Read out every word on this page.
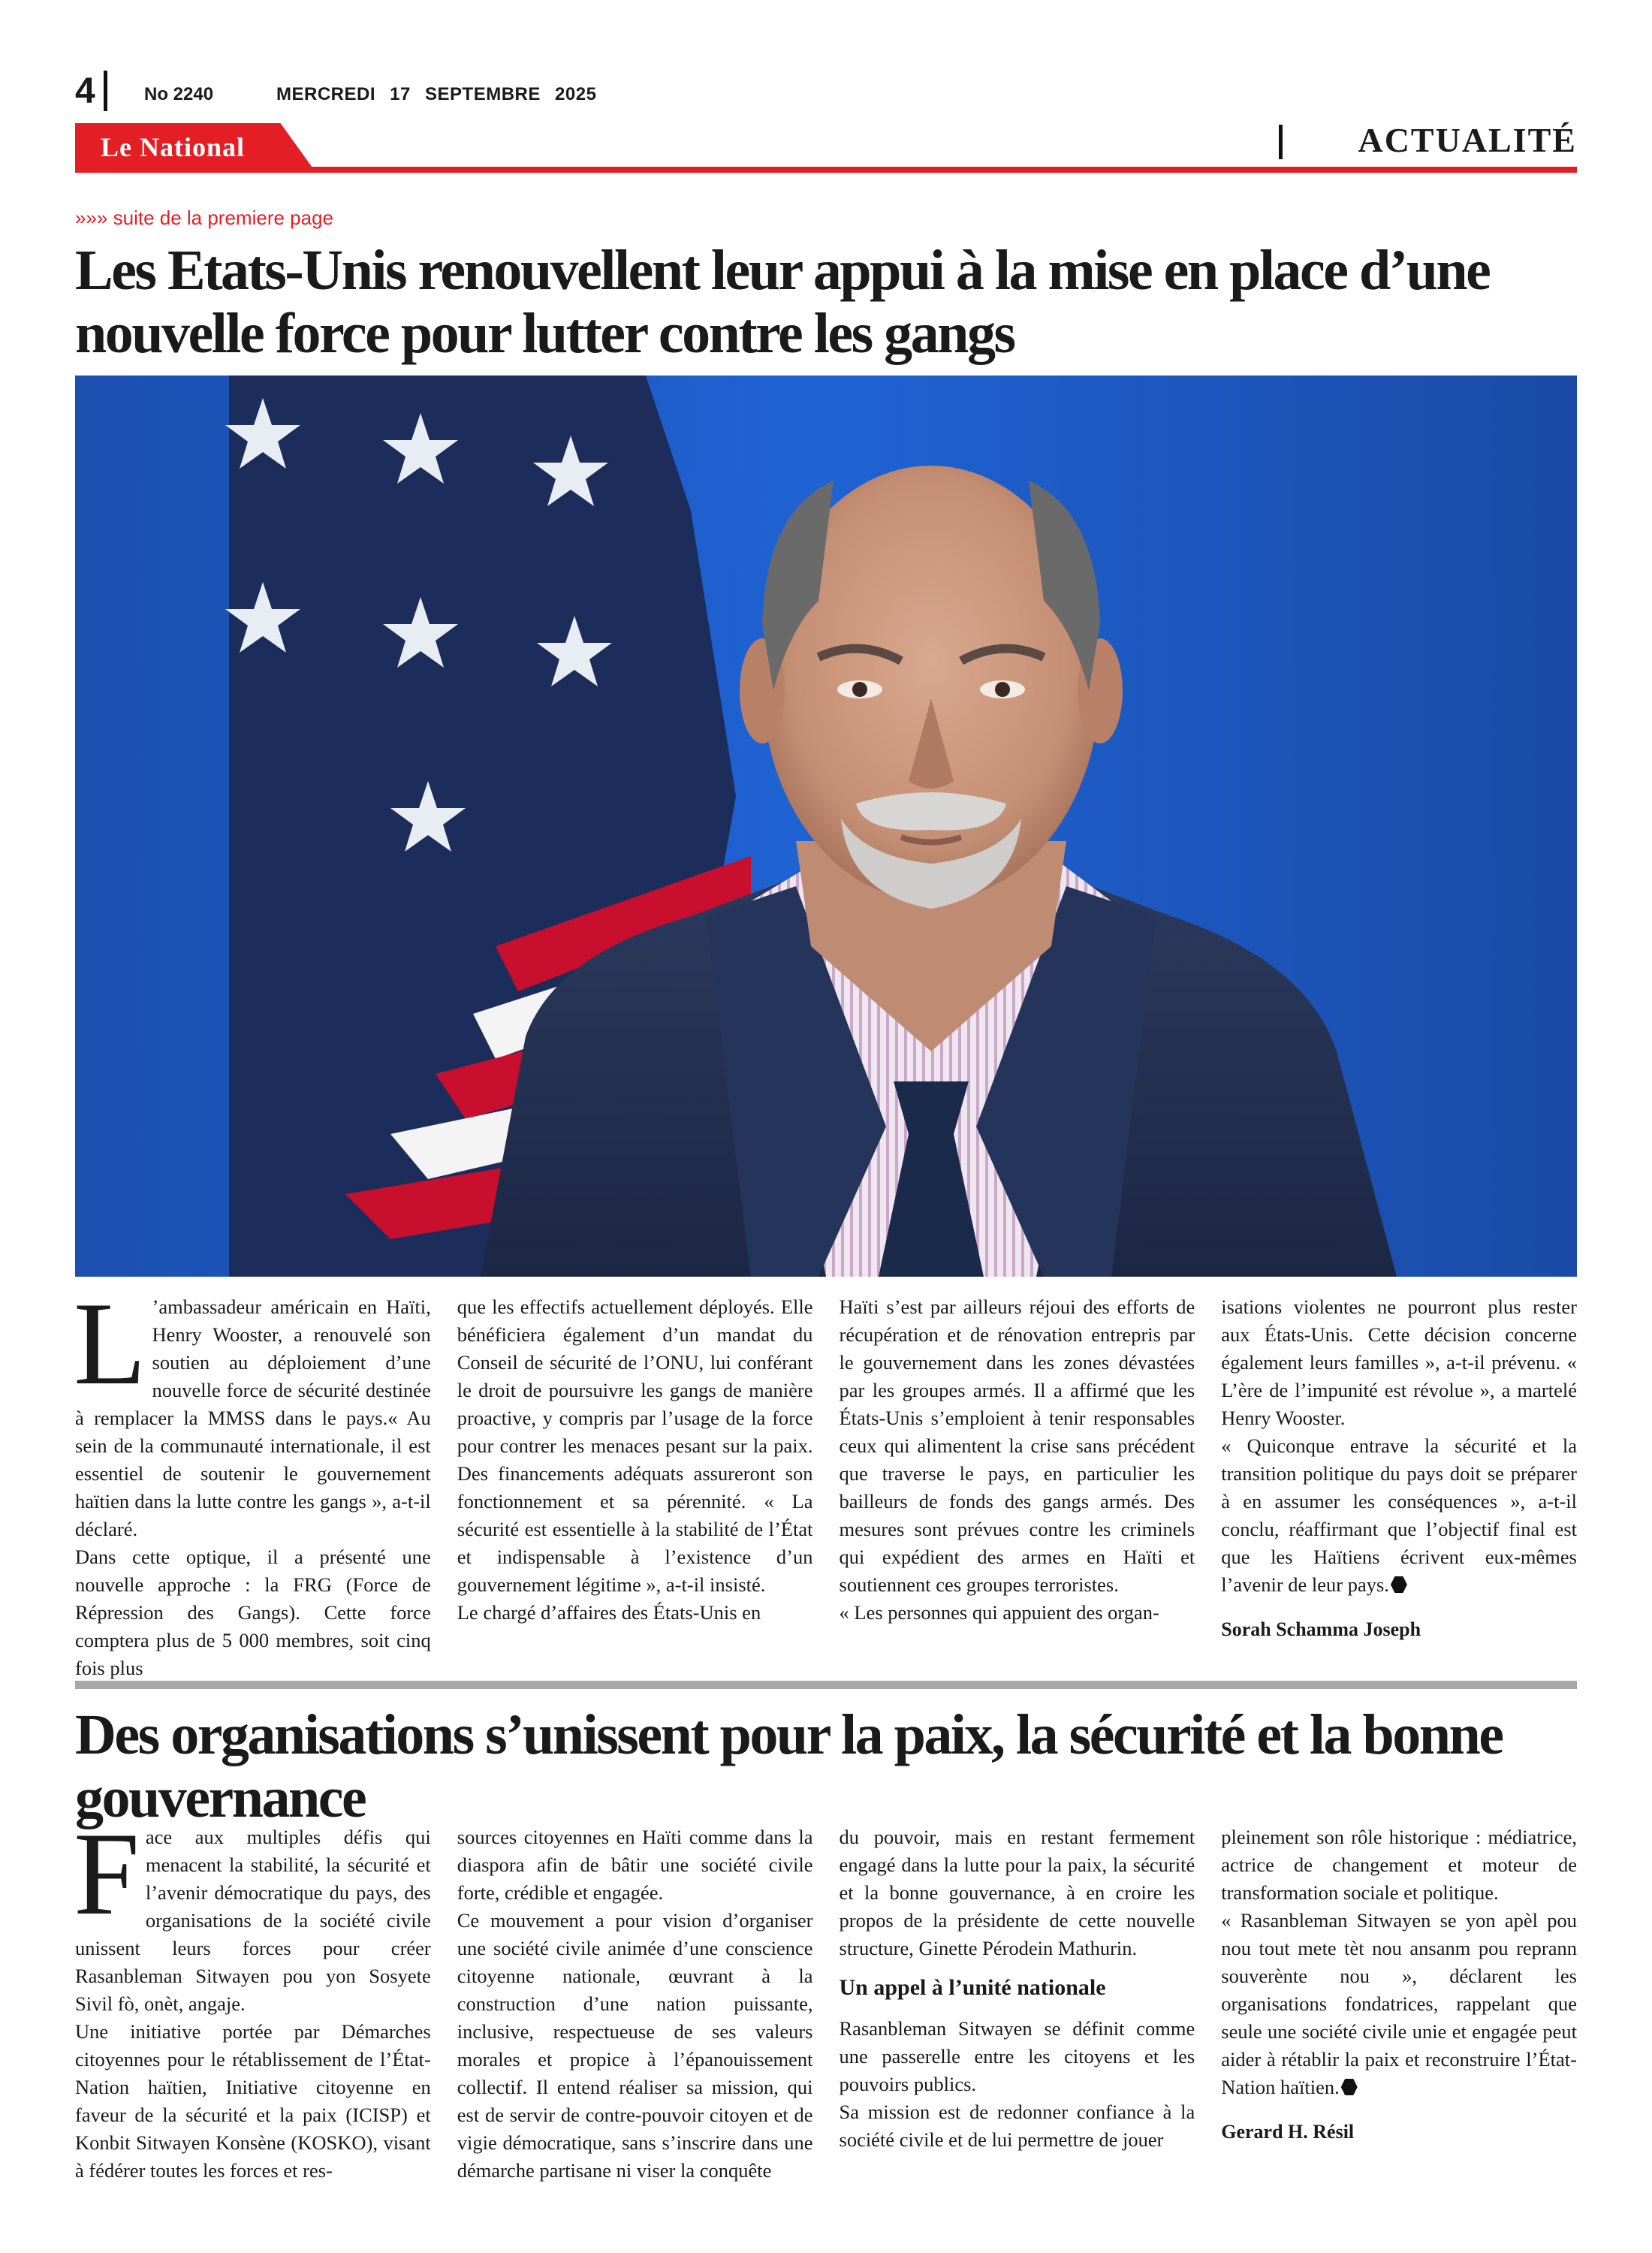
4	No 2240	MERCREDI 17 SEPTEMBRE 2025
Le National	ACTUALITÉ
»»» suite de la premiere page
Les Etats-Unis renouvellent leur appui à la mise en place d’une nouvelle force pour lutter contre les gangs

L ’ambassadeur américain en Haïti, Henry Wooster, a renouvelé son soutien au déploiement d’une nouvelle force de sécurité destinée à remplacer la MMSS dans le pays.« Au sein de la communauté internationale, il est essentiel de soutenir le gouvernement haïtien dans la lutte contre les gangs », a-t-il déclaré.

Dans cette optique, il a présenté une nouvelle approche : la FRG (Force de Répression des Gangs). Cette force comptera plus de 5 000 membres, soit cinq fois plus

que les effectifs actuellement déployés. Elle bénéficiera également d’un mandat du Conseil de sécurité de l’ONU, lui conférant le droit de poursuivre les gangs de manière proactive, y compris par l’usage de la force pour contrer les menaces pesant sur la paix. Des financements adéquats assureront son fonctionnement et sa pérennité. « La sécurité est essentielle à la stabilité de l’État et indispensable à l’existence d’un gouvernement légitime », a-t-il insisté.

Le chargé d’affaires des États-Unis en

Haïti s’est par ailleurs réjoui des efforts de récupération et de rénovation entrepris par le gouvernement dans les zones dévastées par les groupes armés. Il a affirmé que les États-Unis s’emploient à tenir responsables ceux qui alimentent la crise sans précédent que traverse le pays, en particulier les bailleurs de fonds des gangs armés. Des mesures sont prévues contre les criminels qui expédient des armes en Haïti et soutiennent ces groupes terroristes.

« Les personnes qui appuient des organ-

isations violentes ne pourront plus rester aux États-Unis. Cette décision concerne également leurs familles », a-t-il prévenu. « L’ère de l’impunité est révolue », a martelé Henry Wooster.

« Quiconque entrave la sécurité et la transition politique du pays doit se préparer à en assumer les conséquences », a-t-il conclu, réaffirmant que l’objectif final est que les Haïtiens écrivent eux-mêmes l’avenir de leur pays.

Sorah Schamma Joseph

Des organisations s’unissent pour la paix, la sécurité et la bonne gouvernance

Face aux multiples défis qui menacent la stabilité, la sécurité et l’avenir démocratique du pays, des organisations de la société civile unissent leurs forces pour créer Rasanbleman Sitwayen pou yon Sosyete Sivil fò, onèt, angaje.

Une initiative portée par Démarches citoyennes pour le rétablissement de l’État-Nation haïtien, Initiative citoyenne en faveur de la sécurité et la paix (ICISP) et Konbit Sitwayen Konsène (KOSKO), visant à fédérer toutes les forces et res-

sources citoyennes en Haïti comme dans la diaspora afin de bâtir une société civile forte, crédible et engagée.

Ce mouvement a pour vision d’organiser une société civile animée d’une conscience citoyenne nationale, œuvrant à la construction d’une nation puissante, inclusive, respectueuse de ses valeurs morales et propice à l’épanouissement collectif. Il entend réaliser sa mission, qui est de servir de contre-pouvoir citoyen et de vigie démocratique, sans s’inscrire dans une démarche partisane ni viser la conquête

du pouvoir, mais en restant fermement engagé dans la lutte pour la paix, la sécurité et la bonne gouvernance, à en croire les propos de la présidente de cette nouvelle structure, Ginette Pérodein Mathurin.

Un appel à l’unité nationale

Rasanbleman Sitwayen se définit comme une passerelle entre les citoyens et les pouvoirs publics.

Sa mission est de redonner confiance à la société civile et de lui permettre de jouer

pleinement son rôle historique : médiatrice, actrice de changement et moteur de transformation sociale et politique.

« Rasanbleman Sitwayen se yon apèl pou nou tout mete tèt nou ansanm pou reprann souverènte nou », déclarent les organisations fondatrices, rappelant que seule une société civile unie et engagée peut aider à rétablir la paix et reconstruire l’État-Nation haïtien.

Gerard H. Résil
